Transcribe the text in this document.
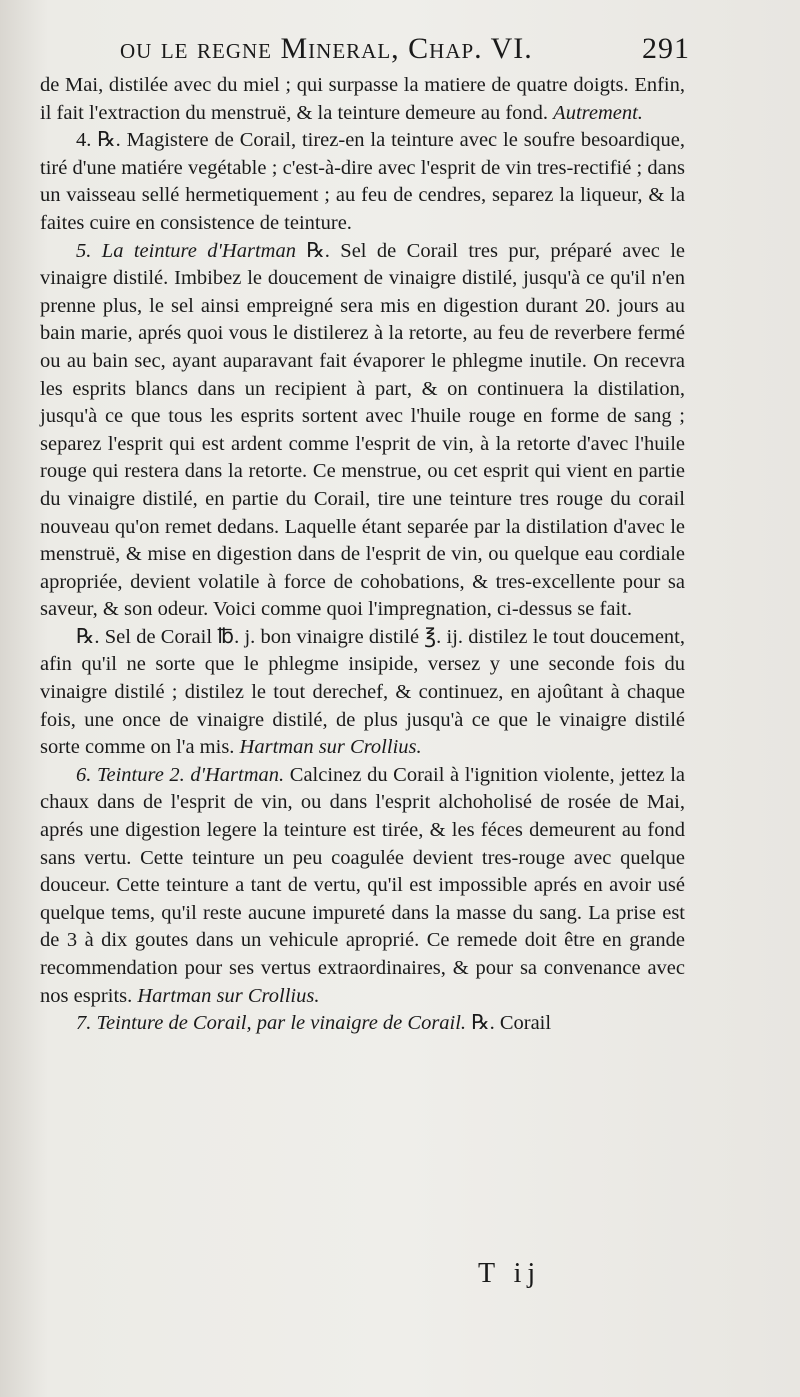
ou le regne Mineral, Chap. VI.	291

de Mai, distilée avec du miel ; qui surpasse la matiere de quatre doigts. Enfin, il fait l'extraction du menstruë, & la teinture demeure au fond. Autrement.

4. ℞. Magistere de Corail, tirez-en la teinture avec le soufre besoardique, tiré d'une matiére vegétable ; c'est-à-dire avec l'esprit de vin tres-rectifié ; dans un vaisseau sellé hermetiquement ; au feu de cendres, separez la liqueur, & la faites cuire en consistence de teinture.

5. La teinture d'Hartman ℞. Sel de Corail tres pur, préparé avec le vinaigre distilé. Imbibez le doucement de vinaigre distilé, jusqu'à ce qu'il n'en prenne plus, le sel ainsi empreigné sera mis en digestion durant 20. jours au bain marie, aprés quoi vous le distilerez à la retorte, au feu de reverbere fermé ou au bain sec, ayant auparavant fait évaporer le phlegme inutile. On recevra les esprits blancs dans un recipient à part, & on continuera la distilation, jusqu'à ce que tous les esprits sortent avec l'huile rouge en forme de sang ; separez l'esprit qui est ardent comme l'esprit de vin, à la retorte d'avec l'huile rouge qui restera dans la retorte. Ce menstrue, ou cet esprit qui vient en partie du vinaigre distilé, en partie du Corail, tire une teinture tres rouge du corail nouveau qu'on remet dedans. Laquelle étant separée par la distilation d'avec le menstruë, & mise en digestion dans de l'esprit de vin, ou quelque eau cordiale apropriée, devient volatile à force de cohobations, & tres-excellente pour sa saveur, & son odeur. Voici comme quoi l'impregnation, ci-dessus se fait.

℞. Sel de Corail ℔. j. bon vinaigre distilé ℥. ij. distilez le tout doucement, afin qu'il ne sorte que le phlegme insipide, versez y une seconde fois du vinaigre distilé ; distilez le tout derechef, & continuez, en ajoûtant à chaque fois, une once de vinaigre distilé, de plus jusqu'à ce que le vinaigre distilé sorte comme on l'a mis. Hartman sur Crollius.

6. Teinture 2. d'Hartman. Calcinez du Corail à l'ignition violente, jettez la chaux dans de l'esprit de vin, ou dans l'esprit alchoholisé de rosée de Mai, aprés une digestion legere la teinture est tirée, & les féces demeurent au fond sans vertu. Cette teinture un peu coagulée devient tres-rouge avec quelque douceur. Cette teinture a tant de vertu, qu'il est impossible aprés en avoir usé quelque tems, qu'il reste aucune impureté dans la masse du sang. La prise est de 3 à dix goutes dans un vehicule aproprié. Ce remede doit être en grande recommendation pour ses vertus extraordinaires, & pour sa convenance avec nos esprits. Hartman sur Crollius.

7. Teinture de Corail, par le vinaigre de Corail. ℞. Corail

T ij
